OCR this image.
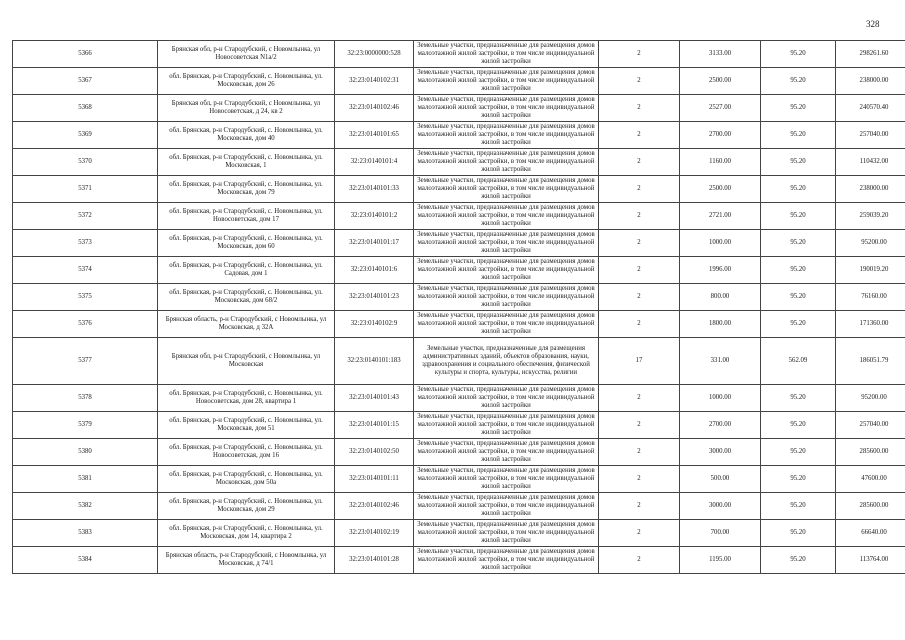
328
5366	Брянская обл, р-н Стародубский, с Новомлынка, ул Новосоветская N1а/2	32:23:0000000:528	Земельные участки, предназначенные для размещения домов малоэтажной жилой застройки, в том числе индивидуальной жилой застройки	2	3133.00	95.20	298261.60
5367	обл. Брянская, р-н Стародубский, с. Новомлынка, ул. Московская, дом 26	32:23:0140102:31	Земельные участки, предназначенные для размещения домов малоэтажной жилой застройки, в том числе индивидуальной жилой застройки	2	2500.00	95.20	238000.00
5368	Брянская обл, р-н Стародубский, с Новомлынка, ул Новосоветская, д 24, кв 2	32:23:0140102:46	Земельные участки, предназначенные для размещения домов малоэтажной жилой застройки, в том числе индивидуальной жилой застройки	2	2527.00	95.20	240570.40
5369	обл. Брянская, р-н Стародубский, с. Новомлынка, ул. Московская, дом 40	32:23:0140101:65	Земельные участки, предназначенные для размещения домов малоэтажной жилой застройки, в том числе индивидуальной жилой застройки	2	2700.00	95.20	257040.00
5370	обл. Брянская, р-н Стародубский, с. Новомлынка, ул. Московская, 1	32:23:0140101:4	Земельные участки, предназначенные для размещения домов малоэтажной жилой застройки, в том числе индивидуальной жилой застройки	2	1160.00	95.20	110432.00
5371	обл. Брянская, р-н Стародубский, с. Новомлынка, ул. Московская, дом 79	32:23:0140101:33	Земельные участки, предназначенные для размещения домов малоэтажной жилой застройки, в том числе индивидуальной жилой застройки	2	2500.00	95.20	238000.00
5372	обл. Брянская, р-н Стародубский, с. Новомлынка, ул. Новосоветская, дом 17	32:23:0140101:2	Земельные участки, предназначенные для размещения домов малоэтажной жилой застройки, в том числе индивидуальной жилой застройки	2	2721.00	95.20	259039.20
5373	обл. Брянская, р-н Стародубский, с. Новомлынка, ул. Московская, дом 60	32:23:0140101:17	Земельные участки, предназначенные для размещения домов малоэтажной жилой застройки, в том числе индивидуальной жилой застройки	2	1000.00	95.20	95200.00
5374	обл. Брянская, р-н Стародубский, с. Новомлынка, ул. Садовая, дом 1	32:23:0140101:6	Земельные участки, предназначенные для размещения домов малоэтажной жилой застройки, в том числе индивидуальной жилой застройки	2	1996.00	95.20	190019.20
5375	обл. Брянская, р-н Стародубский, с. Новомлынка, ул. Московская, дом 68/2	32:23:0140101:23	Земельные участки, предназначенные для размещения домов малоэтажной жилой застройки, в том числе индивидуальной жилой застройки	2	800.00	95.20	76160.00
5376	Брянская область, р-н Стародубский, с Новомлынка, ул Московская, д 32А	32:23:0140102:9	Земельные участки, предназначенные для размещения домов малоэтажной жилой застройки, в том числе индивидуальной жилой застройки	2	1800.00	95.20	171360.00
5377	Брянская обл, р-н Стародубский, с Новомлынка, ул Московская	32:23:0140101:183	Земельные участки, предназначенные для размещения административных зданий, объектов образования, науки, здравоохранения и социального обеспечения, физической культуры и спорта, культуры, искусства, религии	17	331.00	562.09	186051.79
5378	обл. Брянская, р-н Стародубский, с. Новомлынка, ул. Новосоветская, дом 28, квартира 1	32:23:0140101:43	Земельные участки, предназначенные для размещения домов малоэтажной жилой застройки, в том числе индивидуальной жилой застройки	2	1000.00	95.20	95200.00
5379	обл. Брянская, р-н Стародубский, с. Новомлынка, ул. Московская, дом 51	32:23:0140101:15	Земельные участки, предназначенные для размещения домов малоэтажной жилой застройки, в том числе индивидуальной жилой застройки	2	2700.00	95.20	257040.00
5380	обл. Брянская, р-н Стародубский, с. Новомлынка, ул. Новосоветская, дом 16	32:23:0140102:50	Земельные участки, предназначенные для размещения домов малоэтажной жилой застройки, в том числе индивидуальной жилой застройки	2	3000.00	95.20	285600.00
5381	обл. Брянская, р-н Стародубский, с. Новомлынка, ул. Московская, дом 50а	32:23:0140101:11	Земельные участки, предназначенные для размещения домов малоэтажной жилой застройки, в том числе индивидуальной жилой застройки	2	500.00	95.20	47600.00
5382	обл. Брянская, р-н Стародубский, с. Новомлынка, ул. Московская, дом 29	32:23:0140102:46	Земельные участки, предназначенные для размещения домов малоэтажной жилой застройки, в том числе индивидуальной жилой застройки	2	3000.00	95.20	285600.00
5383	обл. Брянская, р-н Стародубский, с. Новомлынка, ул. Московская, дом 14, квартира 2	32:23:0140102:19	Земельные участки, предназначенные для размещения домов малоэтажной жилой застройки, в том числе индивидуальной жилой застройки	2	700.00	95.20	66640.00
5384	Брянская область, р-н Стародубский, с Новомлынка, ул Московская, д 74/1	32:23:0140101:28	Земельные участки, предназначенные для размещения домов малоэтажной жилой застройки, в том числе индивидуальной жилой застройки	2	1195.00	95.20	113764.00
